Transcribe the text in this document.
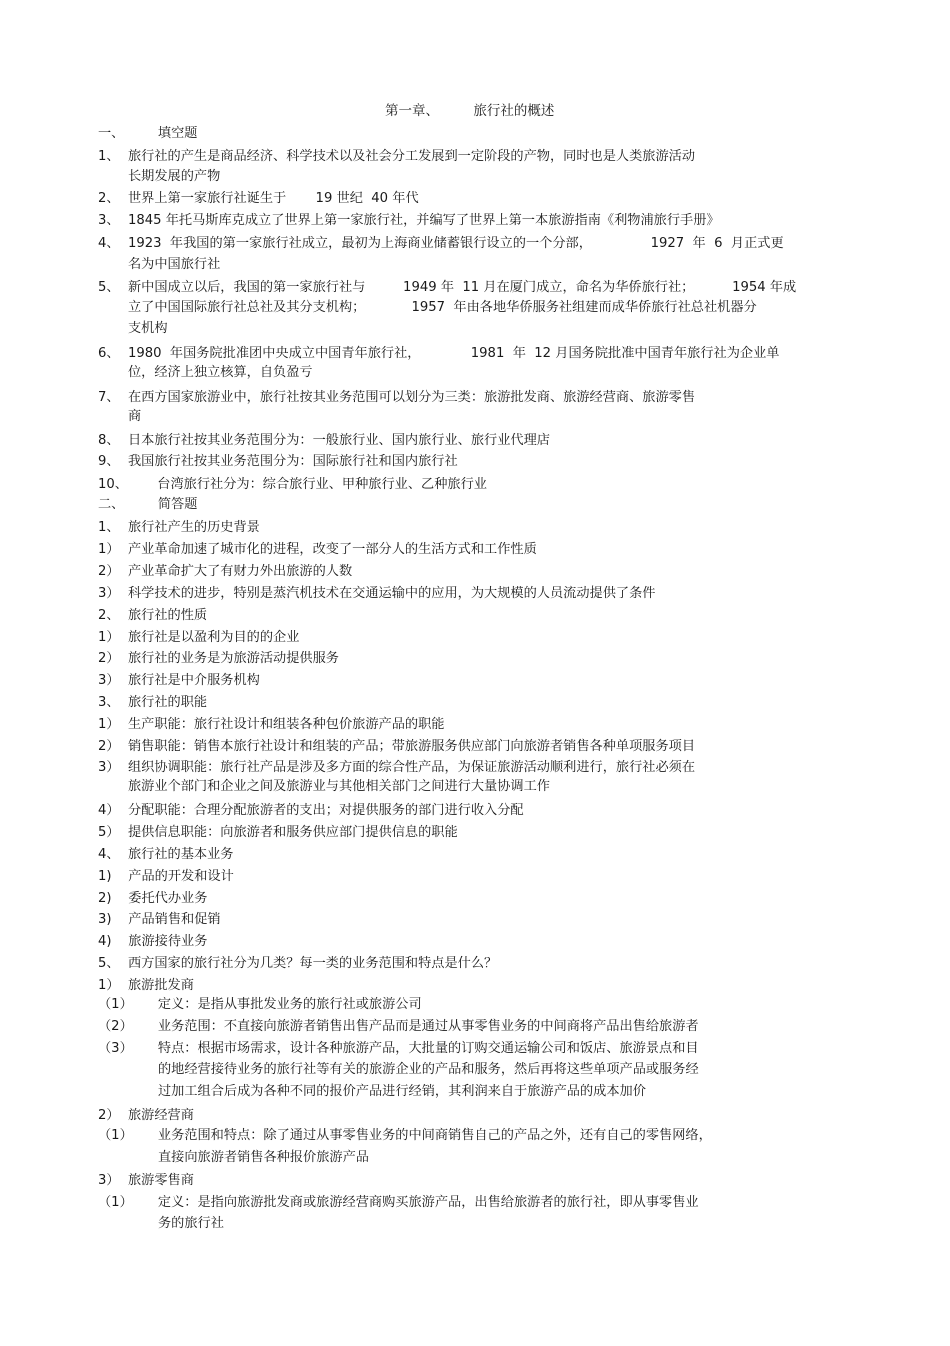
第一章、        旅行社的概述
一、        填空题
1、  旅行社的产生是商品经济、科学技术以及社会分工发展到一定阶段的产物，同时也是人类旅游活动
长期发展的产物
2、  世界上第一家旅行社诞生于       19 世纪  40 年代
3、  1845 年托马斯库克成立了世界上第一家旅行社，并编写了世界上第一本旅游指南《利物浦旅行手册》
4、  1923  年我国的第一家旅行社成立，最初为上海商业储蓄银行设立的一个分部，              1927  年  6  月正式更
名为中国旅行社
5、  新中国成立以后，我国的第一家旅行社与         1949 年  11 月在厦门成立，命名为华侨旅行社；         1954 年成
立了中国国际旅行社总社及其分支机构；           1957  年由各地华侨服务社组建而成华侨旅行社总社机器分
支机构
6、  1980  年国务院批准团中央成立中国青年旅行社，            1981  年  12 月国务院批准中国青年旅行社为企业单
位，经济上独立核算，自负盈亏
7、  在西方国家旅游业中，旅行社按其业务范围可以划分为三类：旅游批发商、旅游经营商、旅游零售
商
8、  日本旅行社按其业务范围分为：一般旅行业、国内旅行业、旅行业代理店
9、  我国旅行社按其业务范围分为：国际旅行社和国内旅行社
10、       台湾旅行社分为：综合旅行业、甲种旅行业、乙种旅行业
二、        简答题
1、  旅行社产生的历史背景
1）  产业革命加速了城市化的进程，改变了一部分人的生活方式和工作性质
2）  产业革命扩大了有财力外出旅游的人数
3）  科学技术的进步，特别是蒸汽机技术在交通运输中的应用，为大规模的人员流动提供了条件
2、  旅行社的性质
1）  旅行社是以盈利为目的的企业
2）  旅行社的业务是为旅游活动提供服务
3）  旅行社是中介服务机构
3、  旅行社的职能
1）  生产职能：旅行社设计和组装各种包价旅游产品的职能
2）  销售职能：销售本旅行社设计和组装的产品；带旅游服务供应部门向旅游者销售各种单项服务项目
3）  组织协调职能：旅行社产品是涉及多方面的综合性产品，为保证旅游活动顺利进行，旅行社必须在
旅游业个部门和企业之间及旅游业与其他相关部门之间进行大量协调工作
4）  分配职能：合理分配旅游者的支出；对提供服务的部门进行收入分配
5）  提供信息职能：向旅游者和服务供应部门提供信息的职能
4、  旅行社的基本业务
1)    产品的开发和设计
2)    委托代办业务
3)    产品销售和促销
4)    旅游接待业务
5、  西方国家的旅行社分为几类？每一类的业务范围和特点是什么？
1）  旅游批发商
（1）      定义：是指从事批发业务的旅行社或旅游公司
（2）      业务范围：不直接向旅游者销售出售产品而是通过从事零售业务的中间商将产品出售给旅游者
（3）      特点：根据市场需求，设计各种旅游产品，大批量的订购交通运输公司和饭店、旅游景点和目
的地经营接待业务的旅行社等有关的旅游企业的产品和服务，然后再将这些单项产品或服务经
过加工组合后成为各种不同的报价产品进行经销，其利润来自于旅游产品的成本加价
2）  旅游经营商
（1）      业务范围和特点：除了通过从事零售业务的中间商销售自己的产品之外，还有自己的零售网络，
直接向旅游者销售各种报价旅游产品
3）  旅游零售商
（1）      定义：是指向旅游批发商或旅游经营商购买旅游产品，出售给旅游者的旅行社，即从事零售业
务的旅行社
